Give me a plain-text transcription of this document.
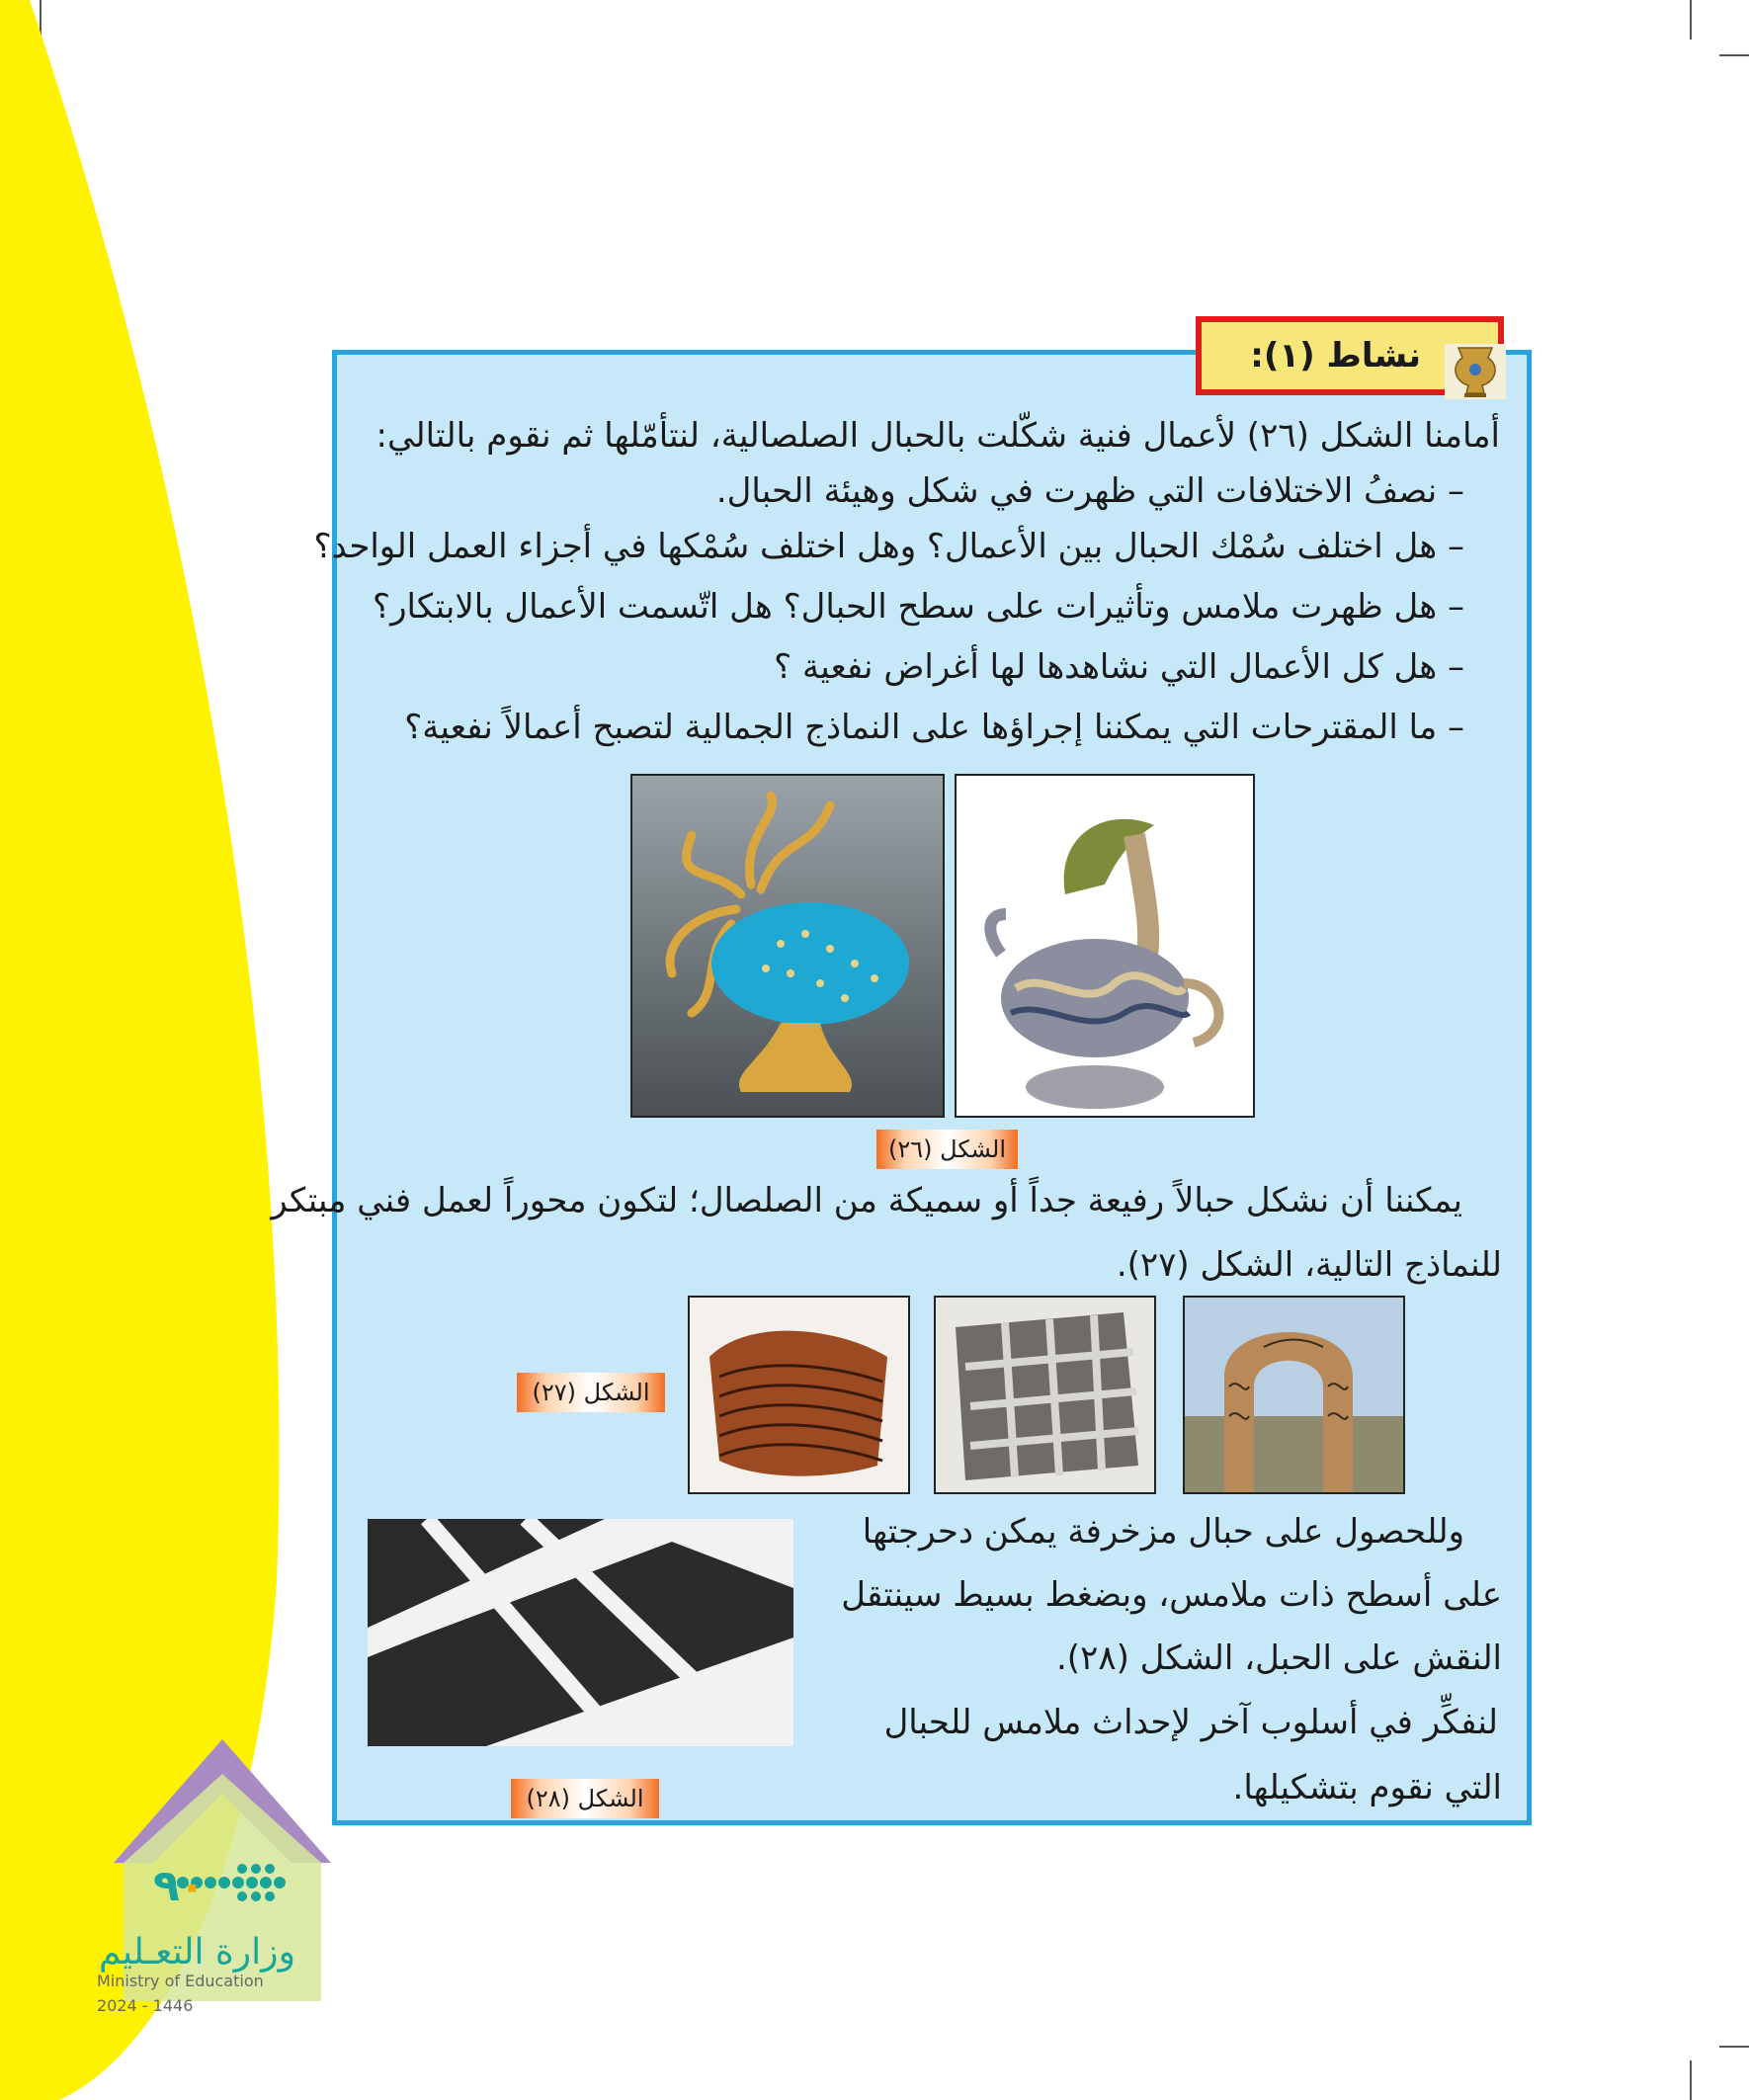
٩ ٠
وزارة التعـليم
Ministry of Education
2024 - 1446
نشاط (١):
أمامنا الشكل (٢٦) لأعمال فنية شكّلت بالحبال الصلصالية، لنتأمّلها ثم نقوم بالتالي:
– نصفُ الاختلافات التي ظهرت في شكل وهيئة الحبال.
– هل اختلف سُمْك الحبال بين الأعمال؟ وهل اختلف سُمْكها في أجزاء العمل الواحد؟
– هل ظهرت ملامس وتأثيرات على سطح الحبال؟ هل اتّسمت الأعمال بالابتكار؟
– هل كل الأعمال التي نشاهدها لها أغراض نفعية ؟
– ما المقترحات التي يمكننا إجراؤها على النماذج الجمالية لتصبح أعمالاً نفعية؟
الشكل (٢٦)
يمكننا أن نشكل حبالاً رفيعة جداً أو سميكة من الصلصال؛ لتكون محوراً لعمل فني مبتكر
للنماذج التالية، الشكل (٢٧).
الشكل (٢٧)
الشكل (٢٨)
وللحصول على حبال مزخرفة يمكن دحرجتها
على أسطح ذات ملامس، وبضغط بسيط سينتقل
النقش على الحبل، الشكل (٢٨).
لنفكِّر في أسلوب آخر لإحداث ملامس للحبال
التي نقوم بتشكيلها.
